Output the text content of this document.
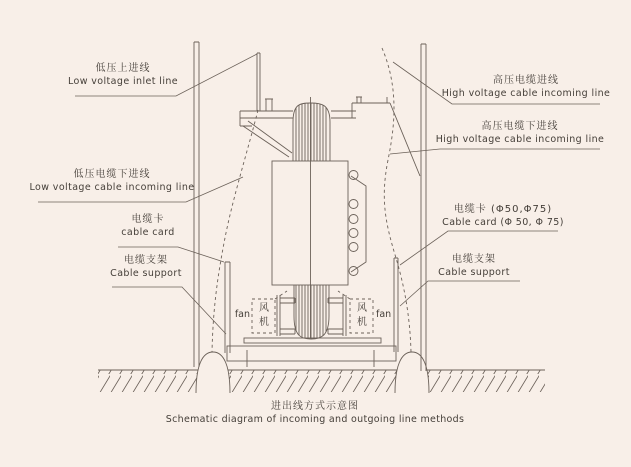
低压上进线
Low voltage inlet line
低压电缆下进线
Low voltage cable incoming line
电缆卡
cable card
电缆支架
Cable support
高压电缆进线
High voltage cable incoming line
高压电缆下进线
High voltage cable incoming line
电缆卡 (Φ50,Φ75)
Cable card (Φ 50, Φ 75)
电缆支架
Cable support
fan
风机
风机
fan
进出线方式示意图
Schematic diagram of incoming and outgoing line methods
